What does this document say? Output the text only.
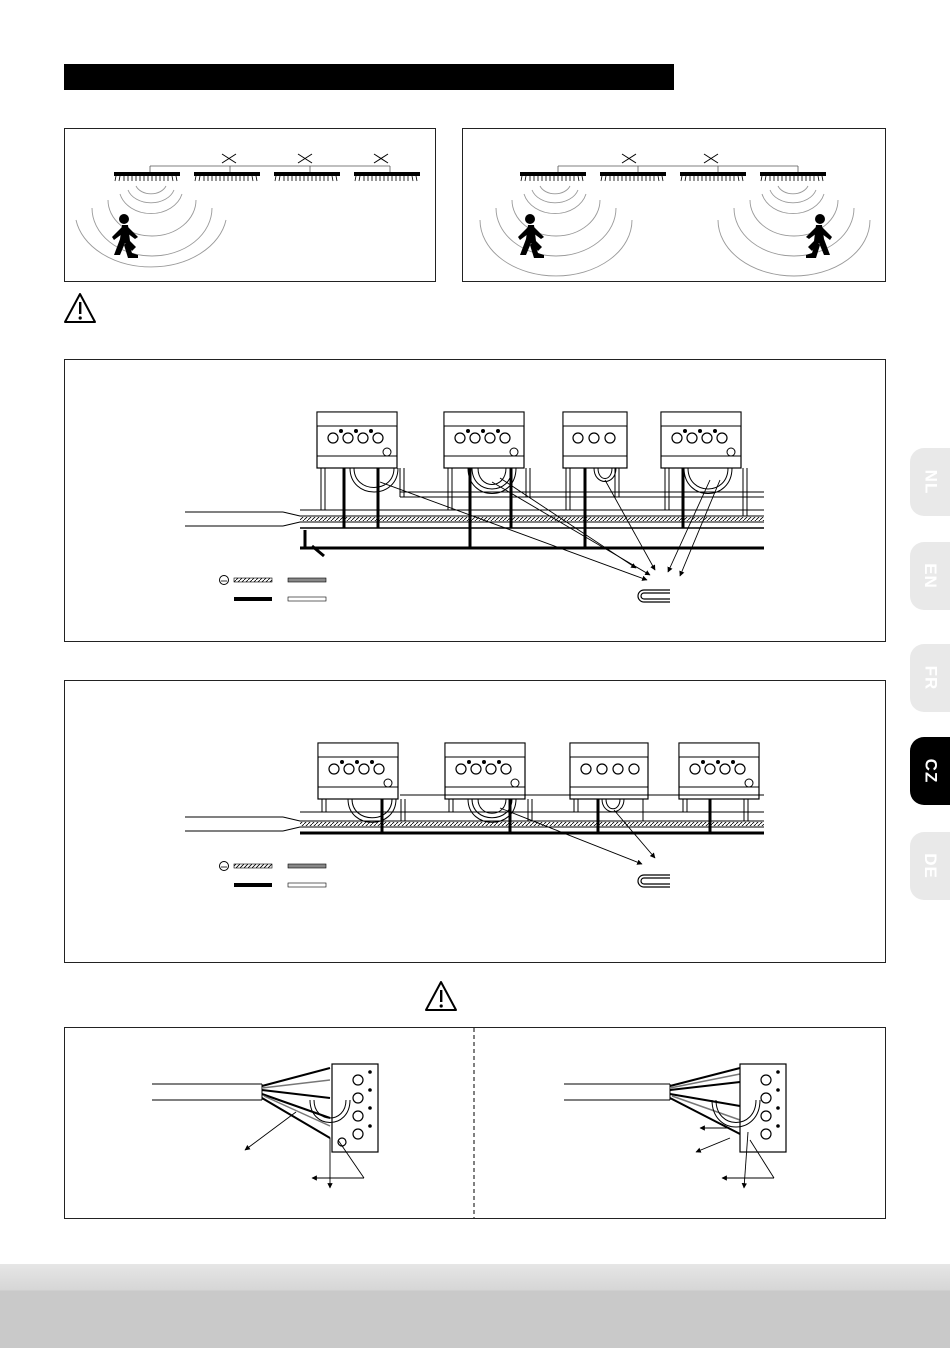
NL
EN
FR
CZ
DE
